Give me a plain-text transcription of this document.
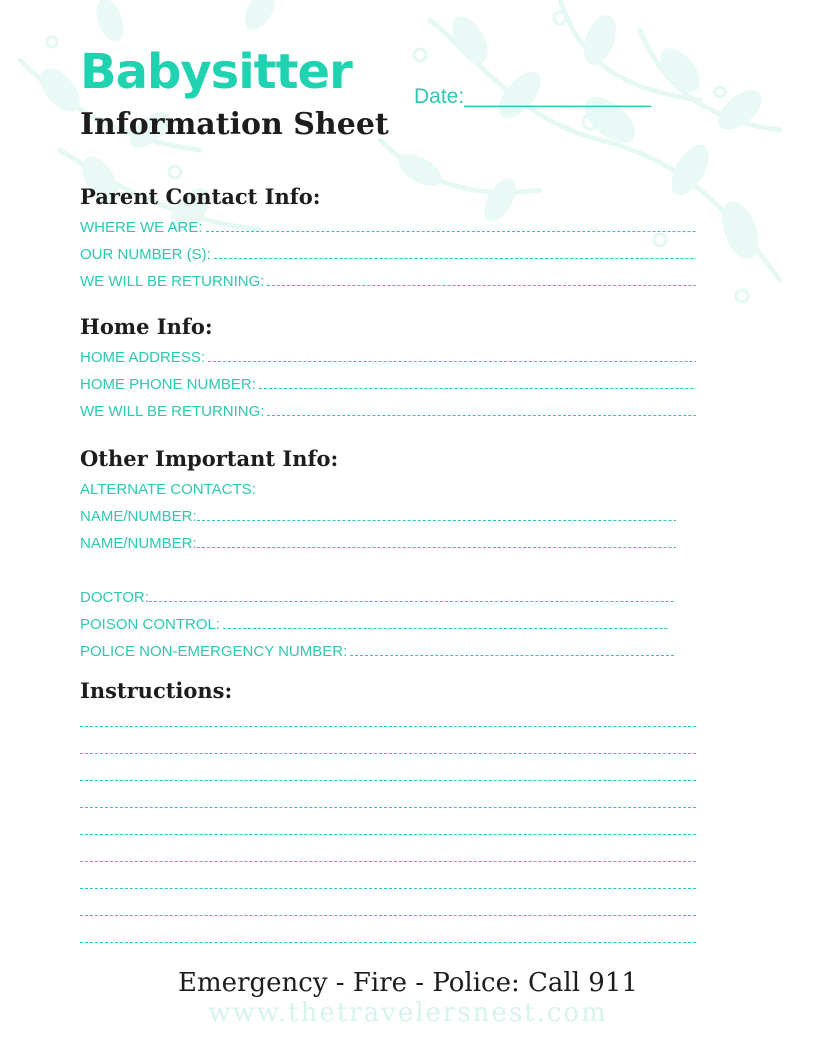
Babysitter
Information Sheet
Date:________________
Parent Contact Info:
WHERE WE ARE:
OUR NUMBER (S):
WE WILL BE RETURNING:
Home Info:
HOME ADDRESS:
HOME PHONE NUMBER:
WE WILL BE RETURNING:
Other Important Info:
ALTERNATE CONTACTS:
NAME/NUMBER:
NAME/NUMBER:
DOCTOR:
POISON CONTROL:
POLICE NON-EMERGENCY NUMBER:
Instructions:
Emergency - Fire - Police: Call 911
www.thetravelersnest.com
